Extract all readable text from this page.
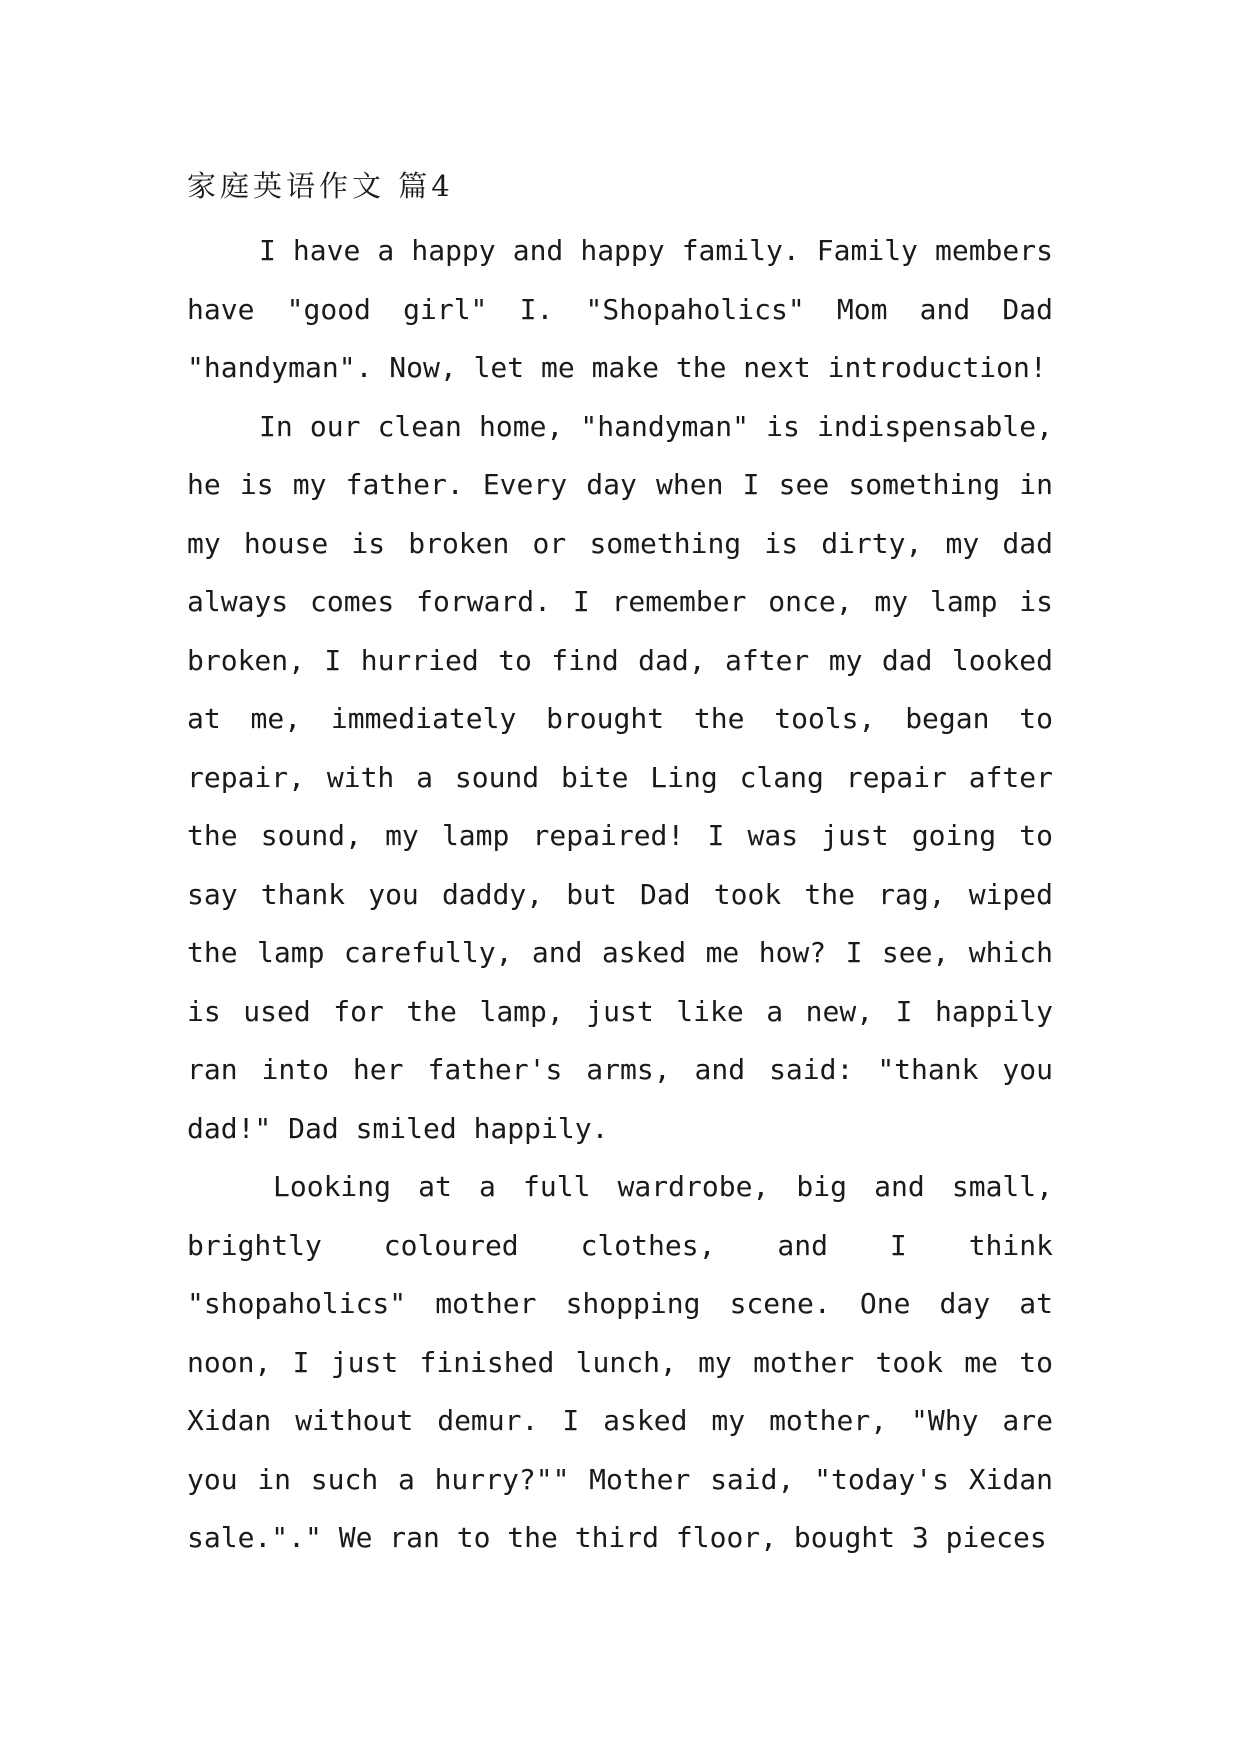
家庭英语作文 篇4

I have a happy and happy family. Family members have "good girl" I. "Shopaholics" Mom and Dad "handyman". Now, let me make the next introduction!

In our clean home, "handyman" is indispensable, he is my father. Every day when I see something in my house is broken or something is dirty, my dad always comes forward. I remember once, my lamp is broken, I hurried to find dad, after my dad looked at me, immediately brought the tools, began to repair, with a sound bite Ling clang repair after the sound, my lamp repaired! I was just going to say thank you daddy, but Dad took the rag, wiped the lamp carefully, and asked me how? I see, which is used for the lamp, just like a new, I happily ran into her father's arms, and said: "thank you dad!" Dad smiled happily.

Looking at a full wardrobe, big and small, brightly coloured clothes, and I think "shopaholics" mother shopping scene. One day at noon, I just finished lunch, my mother took me to Xidan without demur. I asked my mother, "Why are you in such a hurry?"" Mother said, "today's Xidan sale."." We ran to the third floor, bought 3 pieces
